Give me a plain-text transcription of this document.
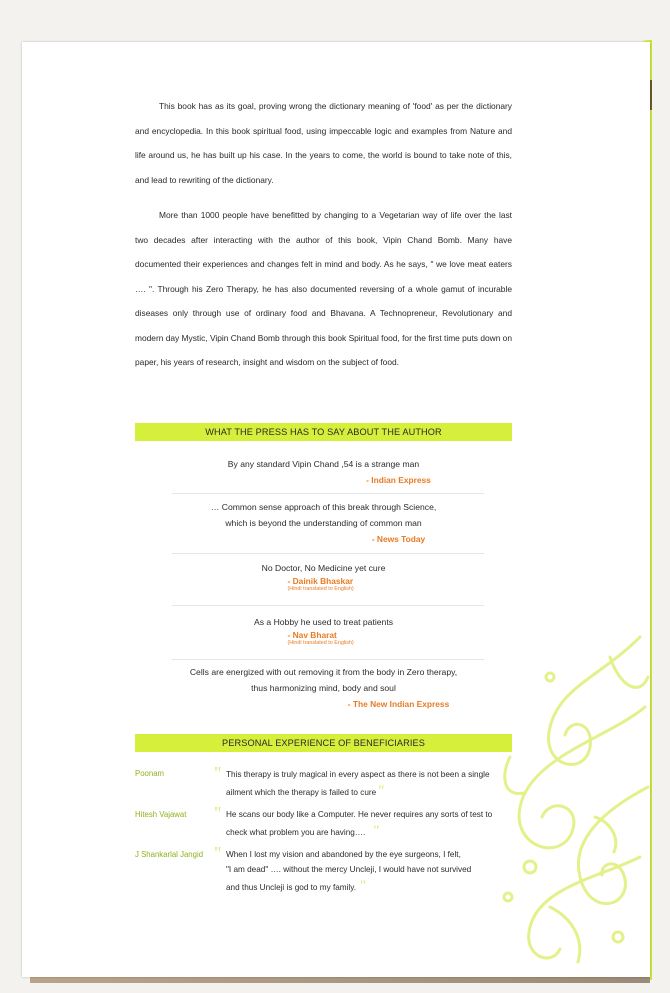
This book has as its goal, proving wrong the dictionary meaning of 'food' as per the dictionary and encyclopedia. In this book spiritual food, using impeccable logic and examples from Nature and life around us, he has built up his case. In the years to come, the world is bound to take note of this, and lead to rewriting of the dictionary.

More than 1000 people have benefitted by changing to a Vegetarian way of life over the last two decades after interacting with the author of this book, Vipin Chand Bomb. Many have documented their experiences and changes felt in mind and body. As he says, " we love meat eaters …. ". Through his Zero Therapy, he has also documented reversing of a whole gamut of incurable diseases only through use of ordinary food and Bhavana. A Technopreneur, Revolutionary and modern day Mystic, Vipin Chand Bomb through this book Spiritual food, for the first time puts down on paper, his years of research, insight and wisdom on the subject of food.

WHAT THE PRESS HAS TO SAY ABOUT THE AUTHOR
By any standard Vipin Chand ,54 is a strange man
- Indian Express
… Common sense approach of this break through Science,
which is beyond the understanding of common man
- News Today
No Doctor, No Medicine yet cure
- Dainik Bhaskar
(Hindi translated to English)
As a Hobby he used to treat patients
- Nav Bharat
(Hindi translated to English)
Cells are energized with out removing it from the body in Zero therapy,
thus harmonizing mind, body and soul
- The New Indian Express
PERSONAL EXPERIENCE OF BENEFICIARIES
Poonam	" This therapy is truly magical in every aspect as there is not been a single
ailment which the therapy is failed to cure "
Hitesh Vajawat " He scans our body like a Computer. He never requires any sorts of test to
check what problem you are having…. "
J Shankarlal Jangid " When I lost my vision and abandoned by the eye surgeons, I felt,
"I am dead" …. without the mercy Uncleji, I would have not survived
and thus Uncleji is god to my family. "
